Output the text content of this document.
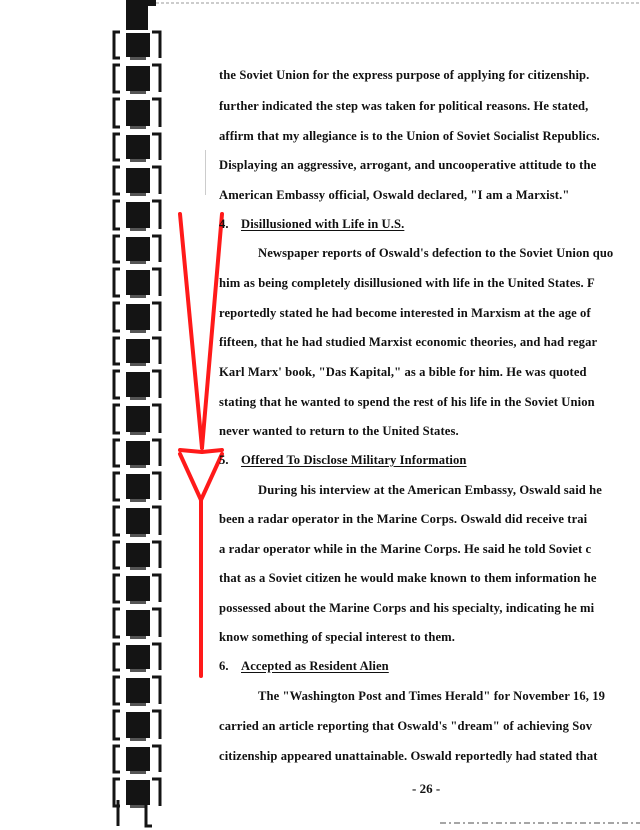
the Soviet Union for the express purpose of applying for citizenship.
further indicated the step was taken for political reasons. He stated,
affirm that my allegiance is to the Union of Soviet Socialist Republics.
Displaying an aggressive, arrogant, and uncooperative attitude to the
American Embassy official, Oswald declared, "I am a Marxist."
4. Disillusioned with Life in U.S.
Newspaper reports of Oswald's defection to the Soviet Union quo
him as being completely disillusioned with life in the United States. F
reportedly stated he had become interested in Marxism at the age of
fifteen, that he had studied Marxist economic theories, and had regar
Karl Marx' book, "Das Kapital," as a bible for him. He was quoted
stating that he wanted to spend the rest of his life in the Soviet Union
never wanted to return to the United States.
5. Offered To Disclose Military Information
During his interview at the American Embassy, Oswald said he
been a radar operator in the Marine Corps. Oswald did receive trai
a radar operator while in the Marine Corps. He said he told Soviet c
that as a Soviet citizen he would make known to them information he
possessed about the Marine Corps and his specialty, indicating he mi
know something of special interest to them.
6. Accepted as Resident Alien
The "Washington Post and Times Herald" for November 16, 19
carried an article reporting that Oswald's "dream" of achieving Sov
citizenship appeared unattainable. Oswald reportedly had stated that
- 26 -
